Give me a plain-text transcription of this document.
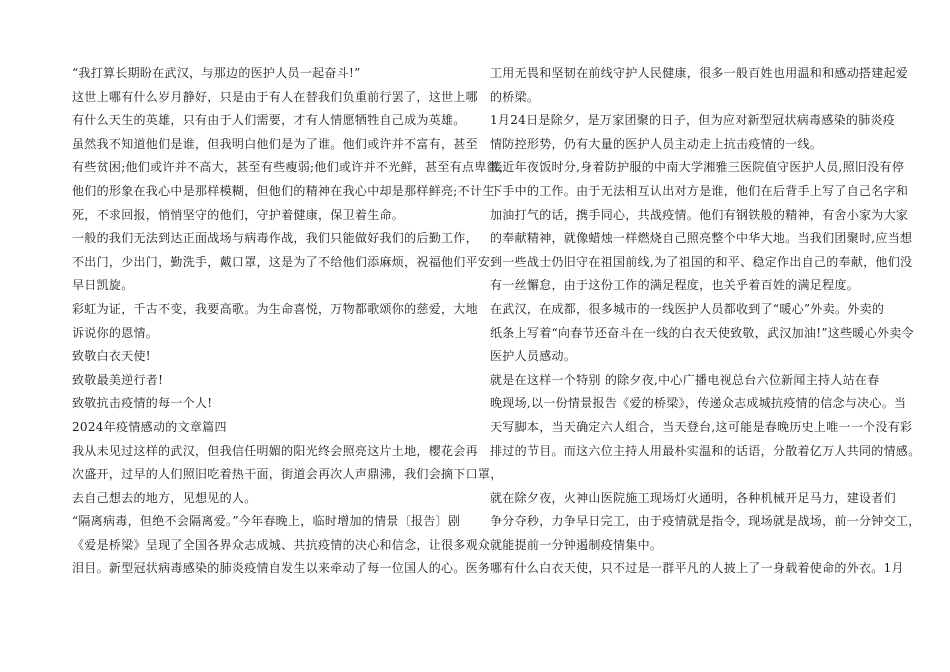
“我打算长期盼在武汉，与那边的医护人员一起奋斗!”

这世上哪有什么岁月静好，只是由于有人在替我们负重前行罢了，这世上哪

有什么天生的英雄，只有由于人们需要，才有人情愿牺牲自己成为英雄。

虽然我不知道他们是谁，但我明白他们是为了谁。他们或许并不富有，甚至

有些贫困;他们或许并不高大，甚至有些瘦弱;他们或许并不光鲜，甚至有点卑微，

他们的形象在我心中是那样模糊，但他们的精神在我心中却是那样鲜亮;不计生

死，不求回报，悄悄坚守的他们，守护着健康，保卫着生命。

一般的我们无法到达正面战场与病毒作战，我们只能做好我们的后勤工作，

不出门，少出门，勤洗手，戴口罩，这是为了不给他们添麻烦，祝福他们平安

早日凯旋。

彩虹为证，千古不变，我要高歌。为生命喜悦，万物都歌颂你的慈爱，大地

诉说你的恩情。

致敬白衣天使!

致敬最美逆行者!

致敬抗击疫情的每一个人!

2024年疫情感动的文章篇四

我从未见过这样的武汉，但我信任明媚的阳光终会照亮这片土地，樱花会再

次盛开，过早的人们照旧吃着热干面，街道会再次人声鼎沸，我们会摘下口罩，

去自己想去的地方，见想见的人。

“隔离病毒，但绝不会隔离爱。”今年春晚上，临时增加的情景〔报告〕剧

《爱是桥梁》呈现了全国各界众志成城、共抗疫情的决心和信念，让很多观众

泪目。新型冠状病毒感染的肺炎疫情自发生以来牵动了每一位国人的心。医务

工用无畏和坚韧在前线守护人民健康，很多一般百姓也用温和和感动搭建起爱

的桥梁。

1月24日是除夕，是万家团聚的日子，但为应对新型冠状病毒感染的肺炎疫

情防控形势，仍有大量的医护人员主动走上抗击疫情的一线。

接近年夜饭时分,身着防护服的中南大学湘雅三医院值守医护人员,照旧没有停

下手中的工作。由于无法相互认出对方是谁，他们在后背手上写了自己名字和

加油打气的话，携手同心，共战疫情。他们有钢铁般的精神，有舍小家为大家

的奉献精神，就像蜡烛一样燃烧自己照亮整个中华大地。当我们团聚时,应当想

到一些战士仍旧守在祖国前线,为了祖国的和平、稳定作出自己的奉献，他们没

有一丝懈怠，由于这份工作的满足程度，也关乎着百姓的满足程度。

在武汉，在成都，很多城市的一线医护人员都收到了“暖心”外卖。外卖的

纸条上写着“向春节还奋斗在一线的白衣天使致敬，武汉加油!”这些暖心外卖令

医护人员感动。

就是在这样一个特别 的除夕夜,中心广播电视总台六位新闻主持人站在春

晚现场,以一份情景报告《爱的桥梁》，传递众志成城抗疫情的信念与决心。当

天写脚本，当天确定六人组合，当天登台,这可能是春晚历史上唯一一个没有彩

排过的节目。而这六位主持人用最朴实温和的话语，分散着亿万人共同的情感。

就在除夕夜，火神山医院施工现场灯火通明，各种机械开足马力，建设者们

争分夺秒，力争早日完工，由于疫情就是指令，现场就是战场，前一分钟交工，

就能提前一分钟遏制疫情集中。

哪有什么白衣天使，只不过是一群平凡的人披上了一身载着使命的外衣。1月
